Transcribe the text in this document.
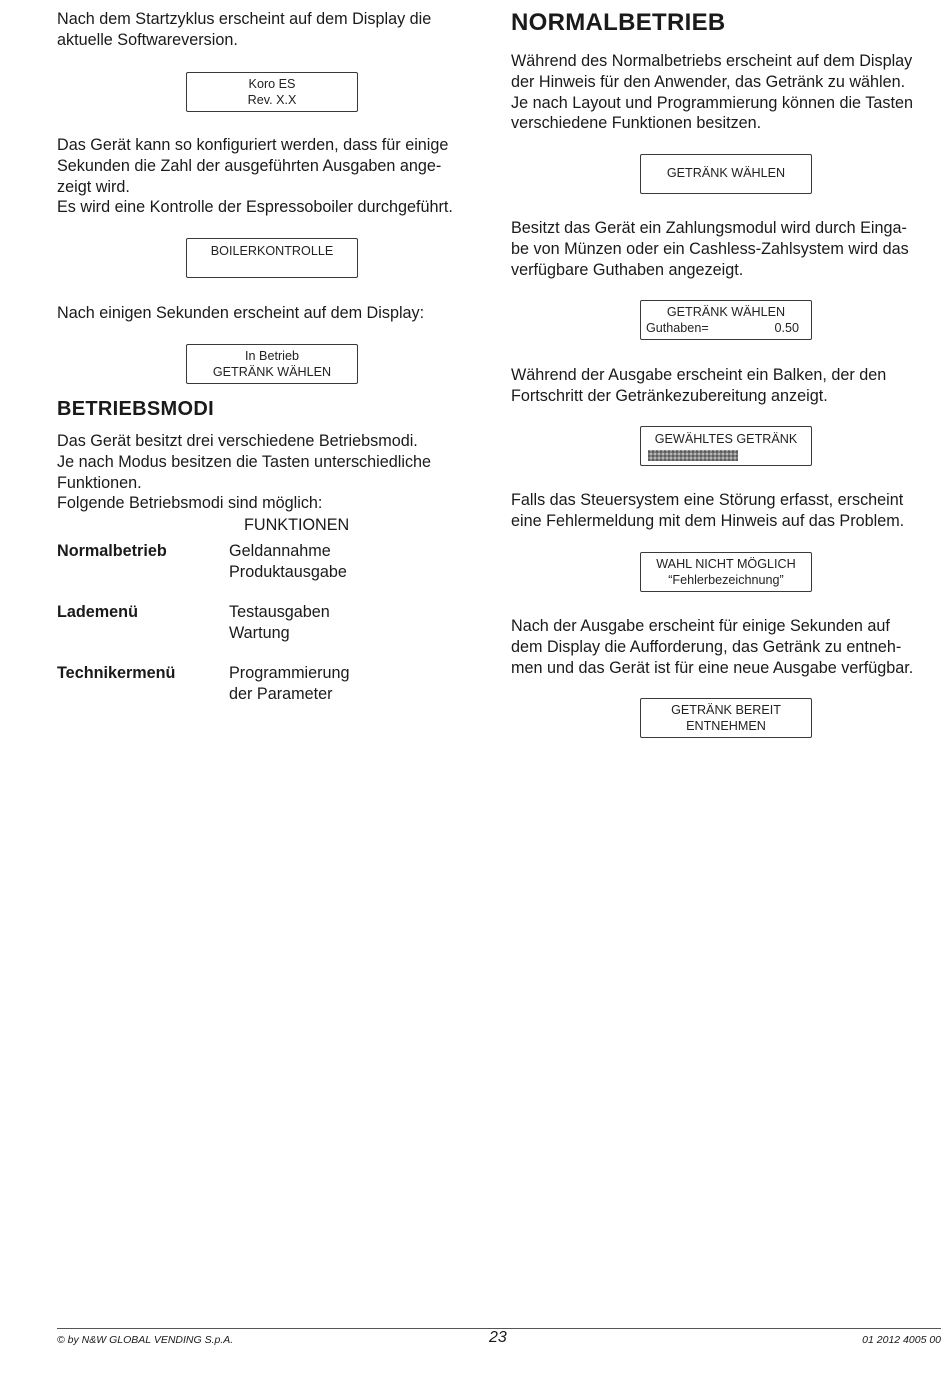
Nach dem Startzyklus erscheint auf dem Display die
aktuelle Softwareversion.
Koro ES
Rev. X.X
Das Gerät kann so konfiguriert werden, dass für einige
Sekunden die Zahl der ausgeführten Ausgaben ange-
zeigt wird.
Es wird eine Kontrolle der Espressoboiler durchgeführt.
BOILERKONTROLLE
Nach einigen Sekunden erscheint auf dem Display:
In Betrieb
GETRÄNK WÄHLEN
BETRIEBSMODI
Das Gerät besitzt drei verschiedene Betriebsmodi.
Je nach Modus besitzen die Tasten unterschiedliche
Funktionen.
Folgende Betriebsmodi sind möglich:
FUNKTIONEN
Normalbetrieb	Geldannahme
Produktausgabe
Lademenü	Testausgaben
Wartung
Technikermenü	Programmierung
der Parameter
NORMALBETRIEB
Während des Normalbetriebs erscheint auf dem Display
der Hinweis für den Anwender, das Getränk zu wählen.
Je nach Layout und Programmierung können die Tasten
verschiedene Funktionen besitzen.
GETRÄNK WÄHLEN
Besitzt das Gerät ein Zahlungsmodul wird durch Einga-
be von Münzen oder ein Cashless-Zahlsystem wird das
verfügbare Guthaben angezeigt.
GETRÄNK WÄHLEN
Guthaben=	0.50
Während der Ausgabe erscheint ein Balken, der den
Fortschritt der Getränkezubereitung anzeigt.
GEWÄHLTES GETRÄNK
Falls das Steuersystem eine Störung erfasst, erscheint
eine Fehlermeldung mit dem Hinweis auf das Problem.
WAHL NICHT MÖGLICH
“Fehlerbezeichnung”
Nach der Ausgabe erscheint für einige Sekunden auf
dem Display die Aufforderung, das Getränk zu entneh-
men und das Gerät ist für eine neue Ausgabe verfügbar.
GETRÄNK BEREIT
ENTNEHMEN
© by N&W GLOBAL VENDING S.p.A.	23	01 2012 4005 00
